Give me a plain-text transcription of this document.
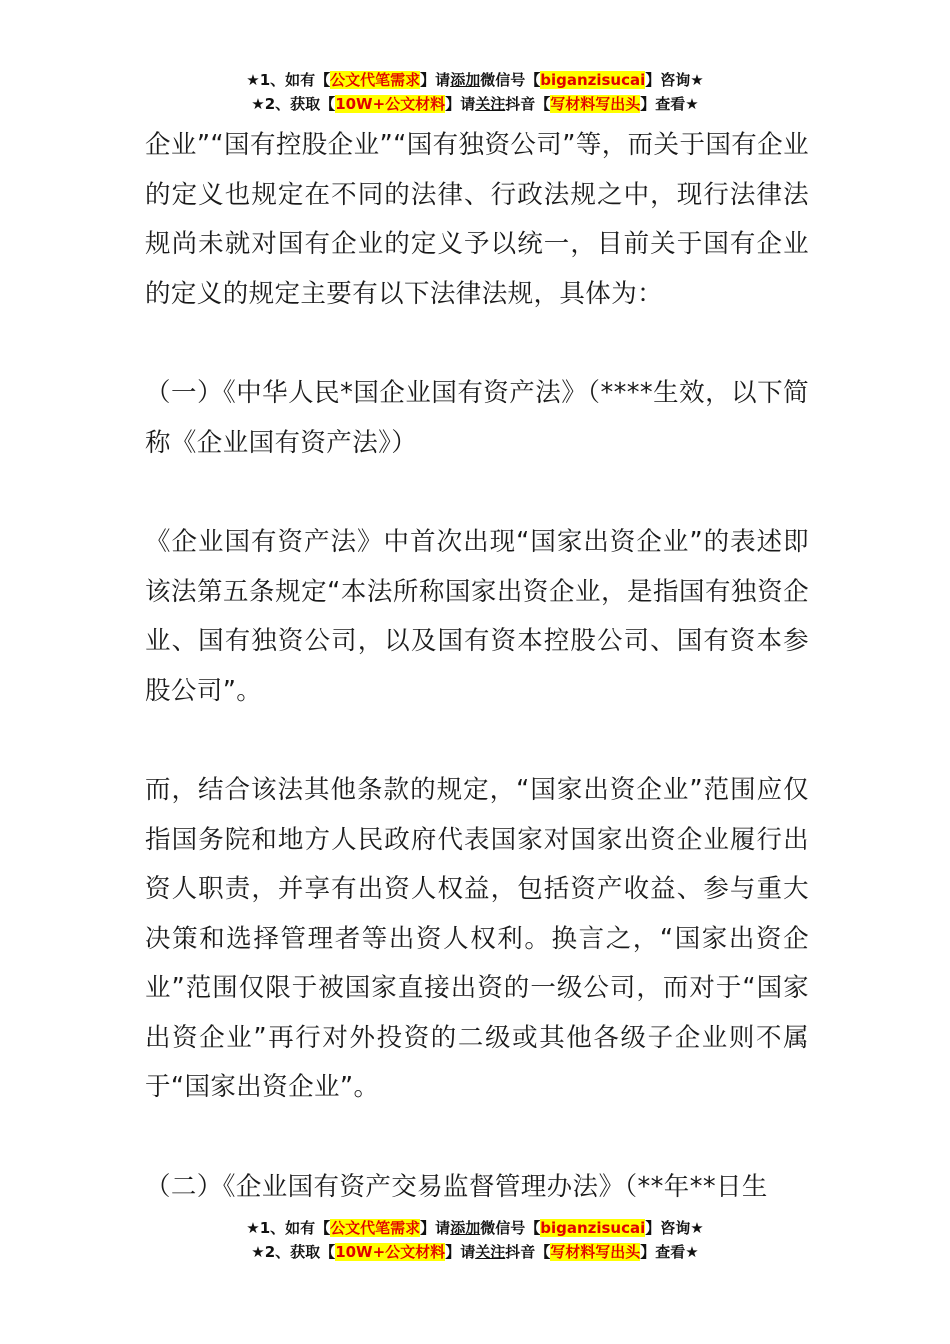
★1、如有【公文代笔需求】请添加微信号【biganzisucai】咨询★
★2、获取【10W+公文材料】请关注抖音【写材料写出头】查看★

企业”“国有控股企业”“国有独资公司”等，而关于国有企业的定义也规定在不同的法律、行政法规之中，现行法律法规尚未就对国有企业的定义予以统一，目前关于国有企业的定义的规定主要有以下法律法规，具体为：

（一）《中华人民*国企业国有资产法》（****生效，以下简称《企业国有资产法》）

《企业国有资产法》中首次出现“国家出资企业”的表述即该法第五条规定“本法所称国家出资企业，是指国有独资企业、国有独资公司，以及国有资本控股公司、国有资本参股公司”。

而，结合该法其他条款的规定，“国家出资企业”范围应仅指国务院和地方人民政府代表国家对国家出资企业履行出资人职责，并享有出资人权益，包括资产收益、参与重大决策和选择管理者等出资人权利。换言之，“国家出资企业”范围仅限于被国家直接出资的一级公司，而对于“国家出资企业”再行对外投资的二级或其他各级子企业则不属于“国家出资企业”。

（二）《企业国有资产交易监督管理办法》（**年**日生

★1、如有【公文代笔需求】请添加微信号【biganzisucai】咨询★
★2、获取【10W+公文材料】请关注抖音【写材料写出头】查看★
